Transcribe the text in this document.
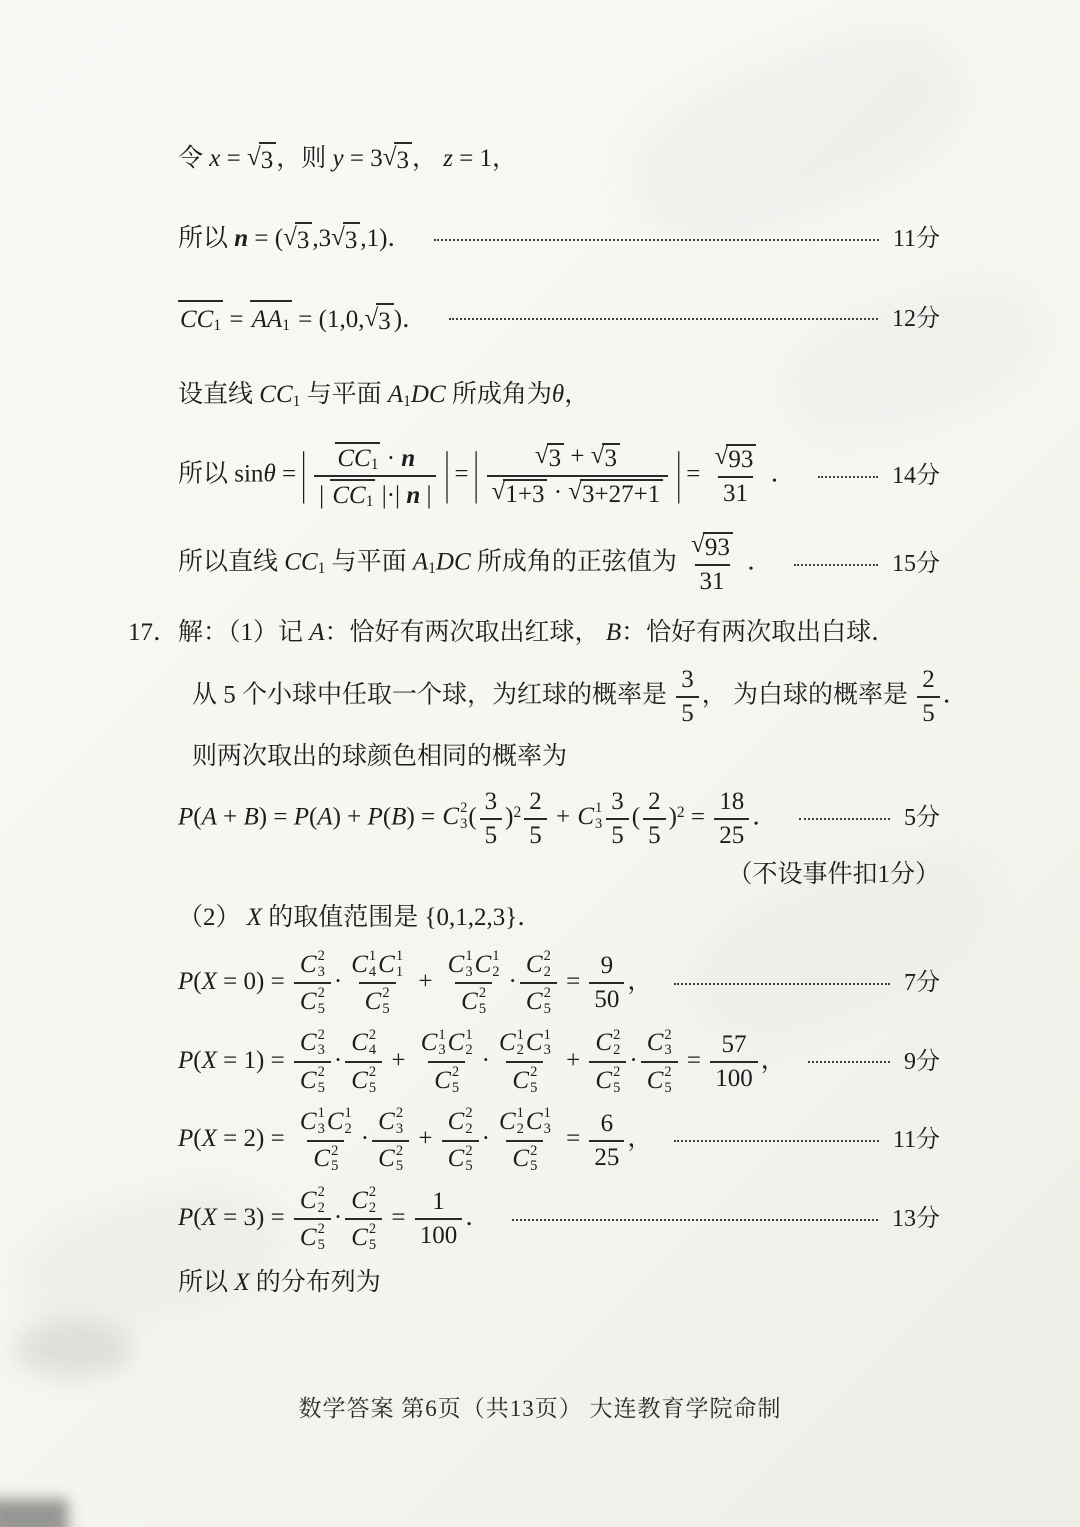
令 x = √ 3 ，则 y = 3 √ 3 ， z = 1，
所以 n = ( √ 3 ,3 √ 3 ,1)．	11分
CC1 = AA1 = (1,0, √ 3 )．	12分
设直线 CC1 与平面 A1DC 所成角为θ，
所以 sinθ = | $\frac{CC1 \cdot n}{| CC1 |\cdot| n |}$ | = | $\frac{√ 3 + √ 3}{√ 1+3 \cdot √ 3+27+1}$ | = $\frac{√ 93}{31}$ ．	14分
所以直线 CC1 与平面 A1DC 所成角的正弦值为 $\frac{√ 93}{31}$ ．	15分
17．解：（1）记 A：恰好有两次取出红球， B：恰好有两次取出白球．
从 5 个小球中任取一个球，为红球的概率是 $\frac{3}{5}$ ， 为白球的概率是 $\frac{2}{5}$ ．
则两次取出的球颜色相同的概率为
P(A + B) = P(A) + P(B) = C 2
3 ( $\frac{3}{5} )^2 \frac{2}{5} + C$ 1
$3 \frac{3}{5}$ ( $\frac{2}{5} )^2 = \frac{18}{25}$ ．	5分
（不设事件扣1分）
（2） X 的取值范围是 {0,1,2,3}．
P(X = 0) = C 2
3
C 2
5 · C 1
4 C 1
1
C 2
5 + C 1
3 C 1
2
C 2
5 · C 2
2
C 2
$5 = \frac{9}{50}$ ，	7分
P(X = 1) = C 2
3
C 2
5 · C 2
4
C 2
5 + C 1
3 C 1
2
C 2
5 · C 1
2 C 1
3
C 2
5 + C 2
2
C 2
5 · C 2
3
C 2
$5 = \frac{57}{100}$ ，	9分
P(X = 2) = C 1
3 C 1
2
C 2
5 · C 2
3
C 2
5 + C 2
2
C 2
5 · C 1
2 C 1
3
C 2
$5 = \frac{6}{25}$ ，	11分
P(X = 3) = C 2
2
C 2
5 · C 2
2
C 2
$5 = \frac{1}{100}$ ．	13分
所以 X 的分布列为
数学答案 第6页（共13页） 大连教育学院命制
